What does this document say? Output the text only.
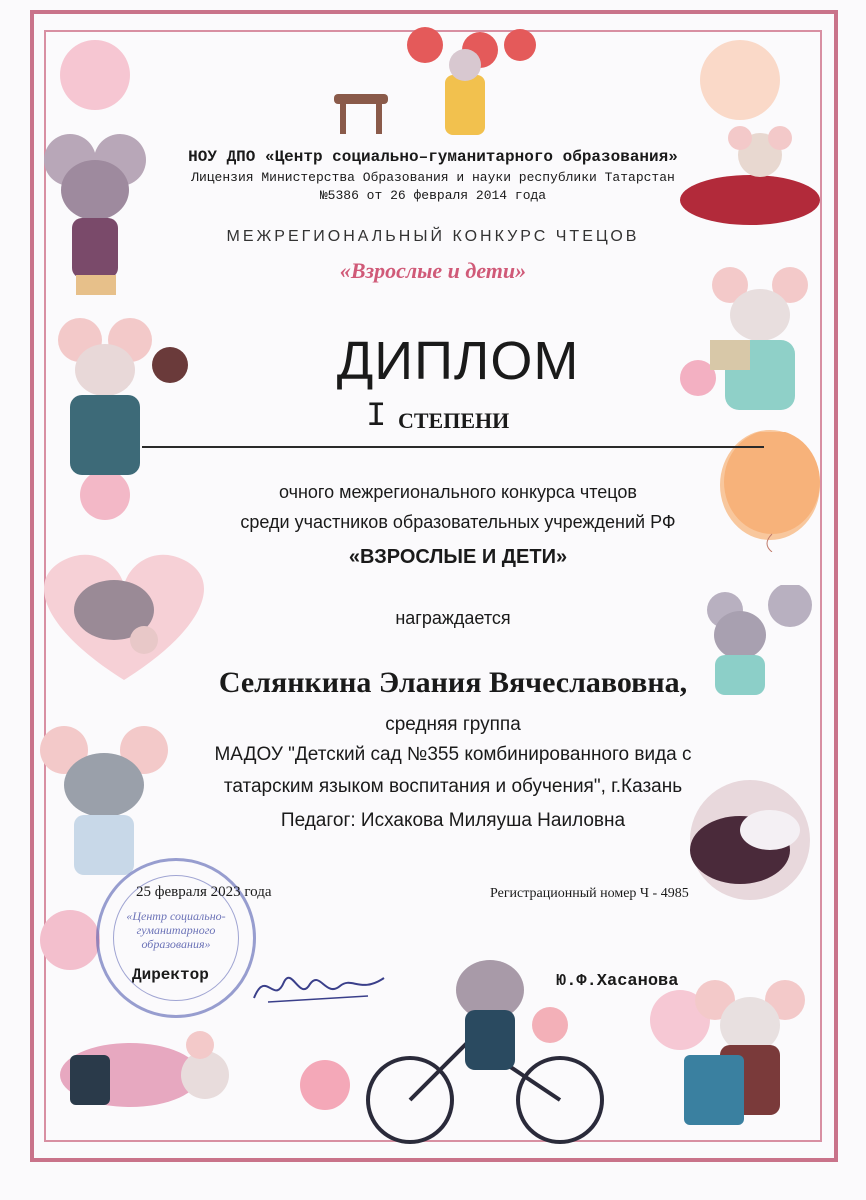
НОУ ДПО «Центр социально–гуманитарного образования»
Лицензия Министерства Образования и науки республики Татарстан
№5386 от 26 февраля 2014 года
МЕЖРЕГИОНАЛЬНЫЙ КОНКУРС ЧТЕЦОВ
«Взрослые и дети»
ДИПЛОМ
I СТЕПЕНИ
очного межрегионального конкурса чтецов
среди участников образовательных учреждений РФ
«ВЗРОСЛЫЕ И ДЕТИ»
награждается
Селянкина Элания Вячеславовна,
средняя группа
МАДОУ "Детский сад №355 комбинированного вида с
татарским языком воспитания и обучения", г.Казань
Педагог: Исхакова Миляуша Наиловна
«Центр социально-гуманитарного образования»
25 февраля 2023 года	Регистрационный номер Ч - 4985
Директор	Ю.Ф.Хасанова
